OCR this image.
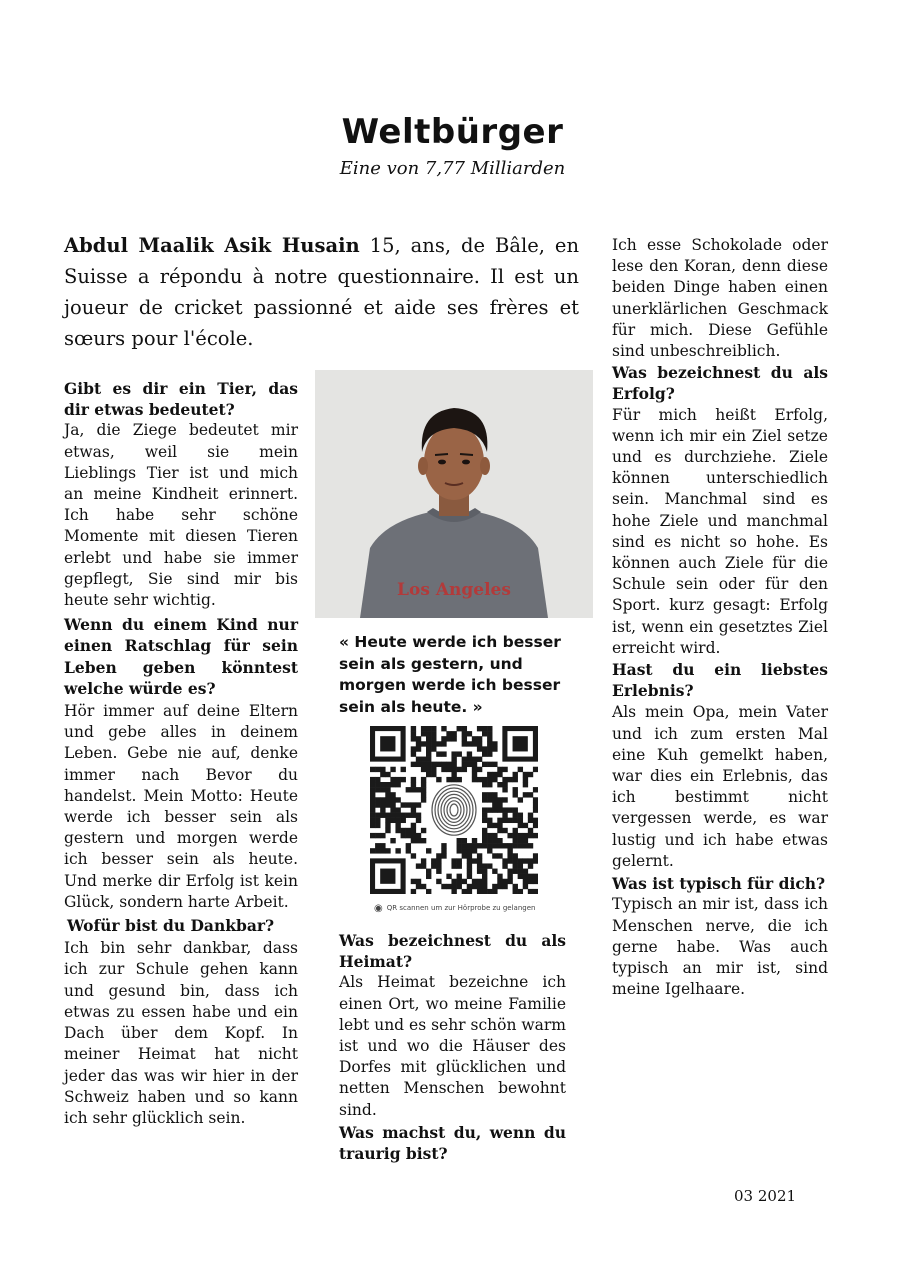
Weltbürger
Eine von 7,77 Milliarden
Abdul Maalik Asik Husain 15, ans, de Bâle, en Suisse a répondu à notre questionnaire. Il est un joueur de cricket passionné et aide ses frères et sœurs pour l'école.
Gibt es dir ein Tier, das dir etwas bedeutet?

Ja, die Ziege bedeutet mir etwas, weil sie mein Lieblings Tier ist und mich an meine Kindheit erinnert. Ich habe sehr schöne Momente mit diesen Tieren erlebt und habe sie immer gepflegt, Sie sind mir bis heute sehr wichtig.

Wenn du einem Kind nur einen Ratschlag für sein Leben geben könntest welche würde es?

Hör immer auf deine Eltern und gebe alles in deinem Leben. Gebe nie auf, denke immer nach Bevor du handelst. Mein Motto: Heute werde ich besser sein als gestern und morgen werde ich besser sein als heute. Und merke dir Erfolg ist kein Glück, sondern harte Arbeit.

Wofür bist du Dankbar?

Ich bin sehr dankbar, dass ich zur Schule gehen kann und gesund bin, dass ich etwas zu essen habe und ein Dach über dem Kopf. In meiner Heimat hat nicht jeder das was wir hier in der Schweiz haben und so kann ich sehr glücklich sein.

Los Angeles
« Heute werde ich besser sein als gestern, und morgen werde ich besser sein als heute. »
◉ QR scannen um zur Hörprobe zu gelangen
Was bezeichnest du als Heimat?

Als Heimat bezeichne ich einen Ort, wo meine Familie lebt und es sehr schön warm ist und wo die Häuser des Dorfes mit glücklichen und netten Menschen bewohnt sind.

Was machst du, wenn du traurig bist?

Ich esse Schokolade oder lese den Koran, denn diese beiden Dinge haben einen unerklärlichen Geschmack für mich. Diese Gefühle sind unbeschreiblich.

Was bezeichnest du als Erfolg?

Für mich heißt Erfolg, wenn ich mir ein Ziel setze und es durchziehe. Ziele können unterschiedlich sein. Manchmal sind es hohe Ziele und manchmal sind es nicht so hohe. Es können auch Ziele für die Schule sein oder für den Sport. kurz gesagt: Erfolg ist, wenn ein gesetztes Ziel erreicht wird.

Hast du ein liebstes Erlebnis?

Als mein Opa, mein Vater und ich zum ersten Mal eine Kuh gemelkt haben, war dies ein Erlebnis, das ich bestimmt nicht vergessen werde, es war lustig und ich habe etwas gelernt.

Was ist typisch für dich?

Typisch an mir ist, dass ich Menschen nerve, die ich gerne habe. Was auch typisch an mir ist, sind meine Igelhaare.

03 2021
